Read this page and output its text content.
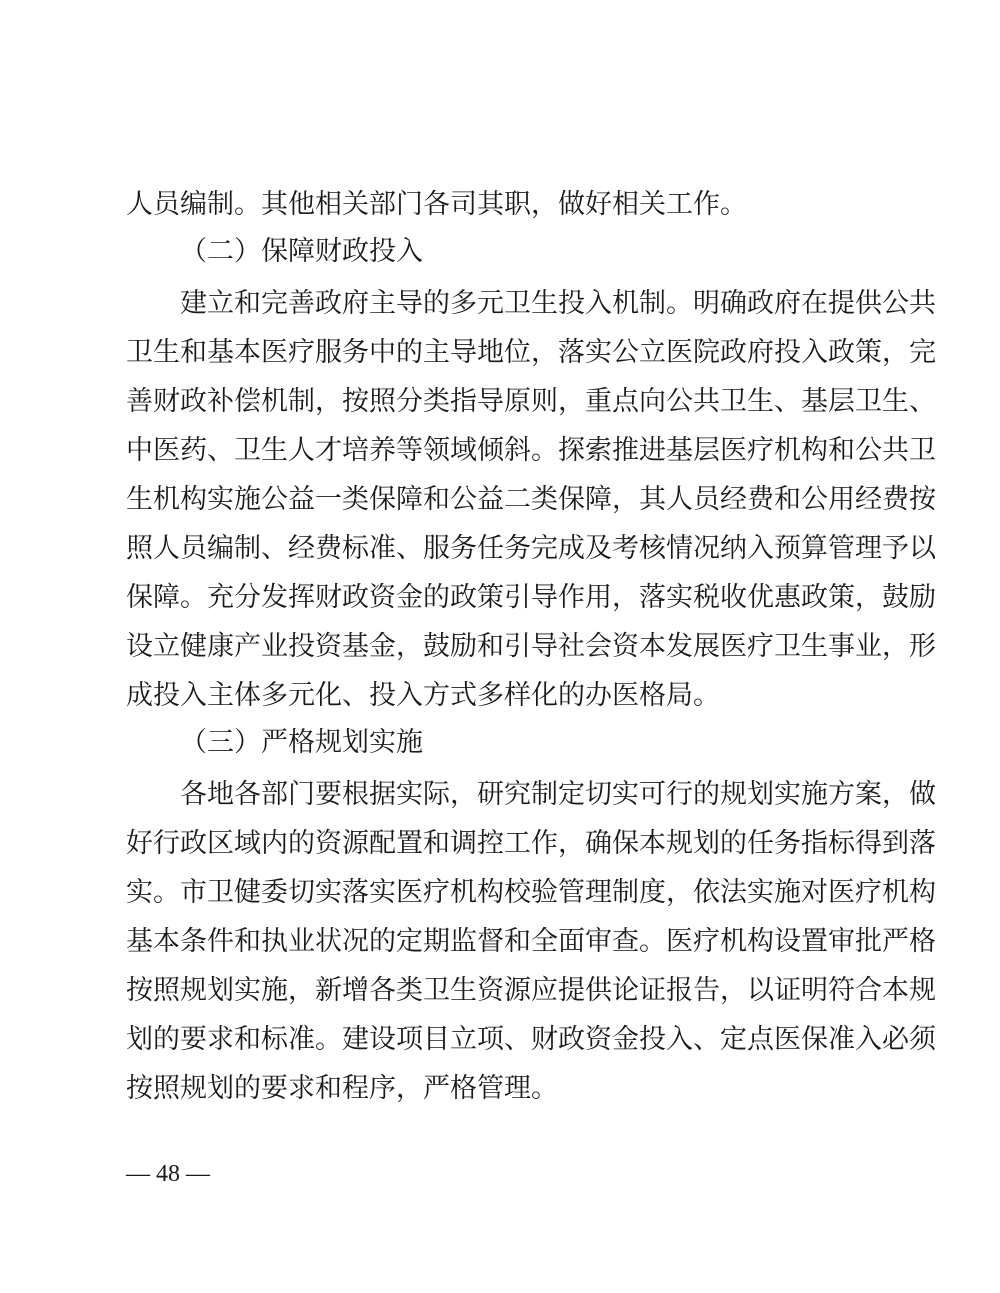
人员编制。其他相关部门各司其职，做好相关工作。
（二）保障财政投入
建立和完善政府主导的多元卫生投入机制。明确政府在提供公共
卫生和基本医疗服务中的主导地位，落实公立医院政府投入政策，完
善财政补偿机制，按照分类指导原则，重点向公共卫生、基层卫生、
中医药、卫生人才培养等领域倾斜。探索推进基层医疗机构和公共卫
生机构实施公益一类保障和公益二类保障，其人员经费和公用经费按
照人员编制、经费标准、服务任务完成及考核情况纳入预算管理予以
保障。充分发挥财政资金的政策引导作用，落实税收优惠政策，鼓励
设立健康产业投资基金，鼓励和引导社会资本发展医疗卫生事业，形
成投入主体多元化、投入方式多样化的办医格局。
（三）严格规划实施
各地各部门要根据实际，研究制定切实可行的规划实施方案，做
好行政区域内的资源配置和调控工作，确保本规划的任务指标得到落
实。市卫健委切实落实医疗机构校验管理制度，依法实施对医疗机构
基本条件和执业状况的定期监督和全面审查。医疗机构设置审批严格
按照规划实施，新增各类卫生资源应提供论证报告，以证明符合本规
划的要求和标准。建设项目立项、财政资金投入、定点医保准入必须
按照规划的要求和程序，严格管理。
— 48 —
